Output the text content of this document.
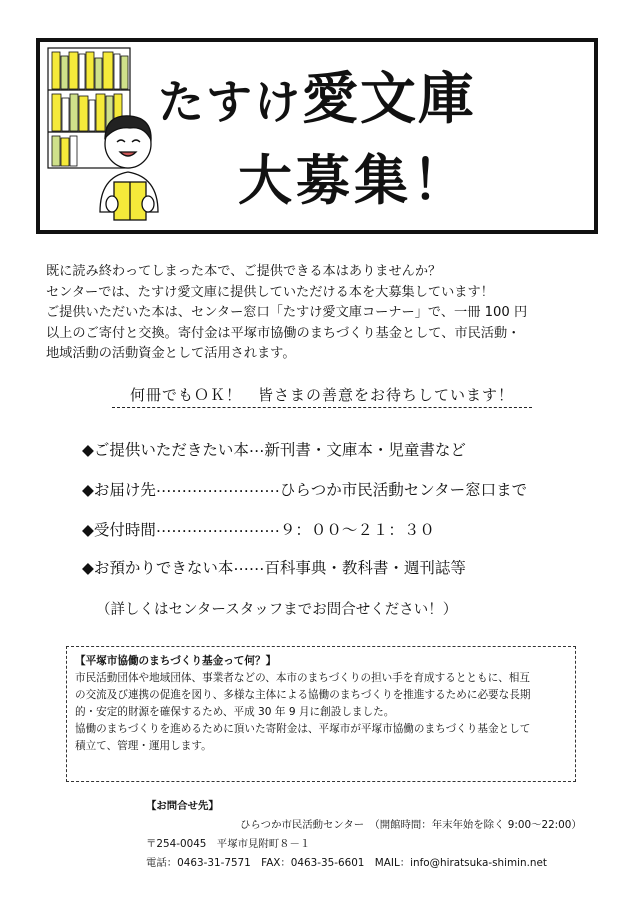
たすけ愛文庫
大募集！

既に読み終わってしまった本で、ご提供できる本はありませんか？

センターでは、たすけ愛文庫に提供していただける本を大募集しています！

ご提供いただいた本は、センター窓口「たすけ愛文庫コーナー」で、一冊 100 円

以上のご寄付と交換。寄付金は平塚市協働のまちづくり基金として、市民活動・

地域活動の活動資金として活用されます。

何冊でもＯＫ！　皆さまの善意をお待ちしています！
◆ご提供いただきたい本 … 新刊書・文庫本・児童書など
◆お届け先 …………………… ひらつか市民活動センター窓口まで
◆受付時間 …………………… ９：００～２１：３０
◆お預かりできない本 …… 百科事典・教科書・週刊誌等
（詳しくはセンタースタッフまでお問合せください！）

【平塚市協働のまちづくり基金って何？】

市民活動団体や地域団体、事業者などの、本市のまちづくりの担い手を育成するとともに、相互

の交流及び連携の促進を図り、多様な主体による協働のまちづくりを推進するために必要な長期

的・安定的財源を確保するため、平成 30 年 9 月に創設しました。

協働のまちづくりを進めるために頂いた寄附金は、平塚市が平塚市協働のまちづくり基金として

積立て、管理・運用します。

【お問合せ先】

ひらつか市民活動センター　（開館時間：年末年始を除く 9:00～22:00）

〒254‐0045　平塚市見附町８－１

電話：0463-31-7571　FAX：0463-35-6601　MAIL：info@hiratsuka-shimin.net
